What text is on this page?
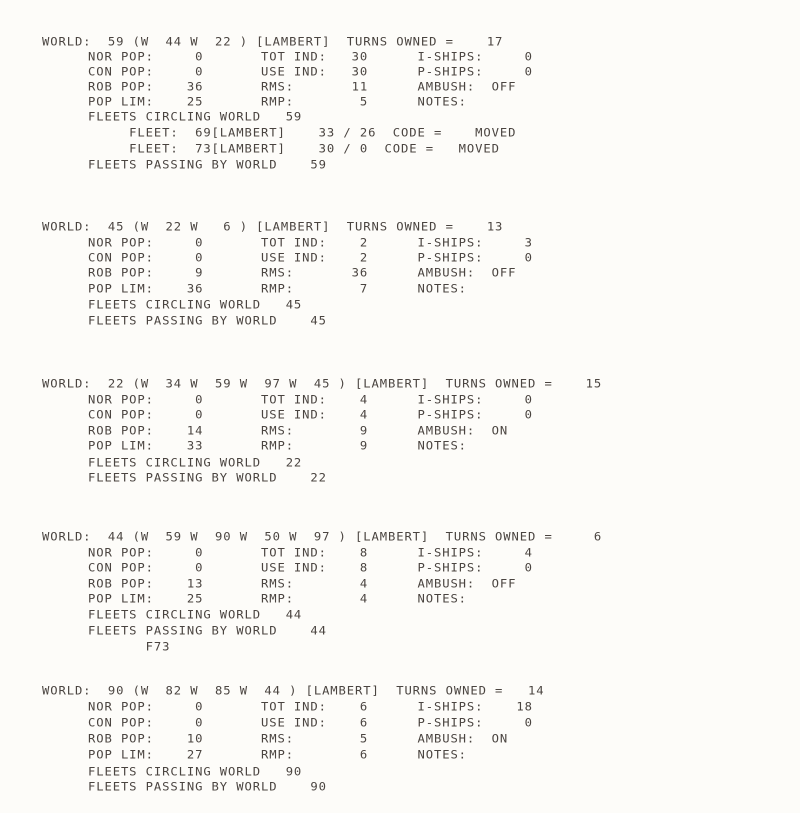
WORLD:  59 (W  44 W  22 ) [LAMBERT]  TURNS OWNED =    17
NOR POP:     0       TOT IND:   30      I-SHIPS:     0
CON POP:     0       USE IND:   30      P-SHIPS:     0
ROB POP:    36       RMS:       11      AMBUSH:  OFF
POP LIM:    25       RMP:        5      NOTES:
FLEETS CIRCLING WORLD   59
FLEET:  69[LAMBERT]    33 / 26  CODE =    MOVED
FLEET:  73[LAMBERT]    30 / 0  CODE =   MOVED
FLEETS PASSING BY WORLD    59
WORLD:  45 (W  22 W   6 ) [LAMBERT]  TURNS OWNED =    13
NOR POP:     0       TOT IND:    2      I-SHIPS:     3
CON POP:     0       USE IND:    2      P-SHIPS:     0
ROB POP:     9       RMS:       36      AMBUSH:  OFF
POP LIM:    36       RMP:        7      NOTES:
FLEETS CIRCLING WORLD   45
FLEETS PASSING BY WORLD    45
WORLD:  22 (W  34 W  59 W  97 W  45 ) [LAMBERT]  TURNS OWNED =    15
NOR POP:     0       TOT IND:    4      I-SHIPS:     0
CON POP:     0       USE IND:    4      P-SHIPS:     0
ROB POP:    14       RMS:        9      AMBUSH:  ON
POP LIM:    33       RMP:        9      NOTES:
FLEETS CIRCLING WORLD   22
FLEETS PASSING BY WORLD    22
WORLD:  44 (W  59 W  90 W  50 W  97 ) [LAMBERT]  TURNS OWNED =     6
NOR POP:     0       TOT IND:    8      I-SHIPS:     4
CON POP:     0       USE IND:    8      P-SHIPS:     0
ROB POP:    13       RMS:        4      AMBUSH:  OFF
POP LIM:    25       RMP:        4      NOTES:
FLEETS CIRCLING WORLD   44
FLEETS PASSING BY WORLD    44
F73
WORLD:  90 (W  82 W  85 W  44 ) [LAMBERT]  TURNS OWNED =   14
NOR POP:     0       TOT IND:    6      I-SHIPS:    18
CON POP:     0       USE IND:    6      P-SHIPS:     0
ROB POP:    10       RMS:        5      AMBUSH:  ON
POP LIM:    27       RMP:        6      NOTES:
FLEETS CIRCLING WORLD   90
FLEETS PASSING BY WORLD    90
